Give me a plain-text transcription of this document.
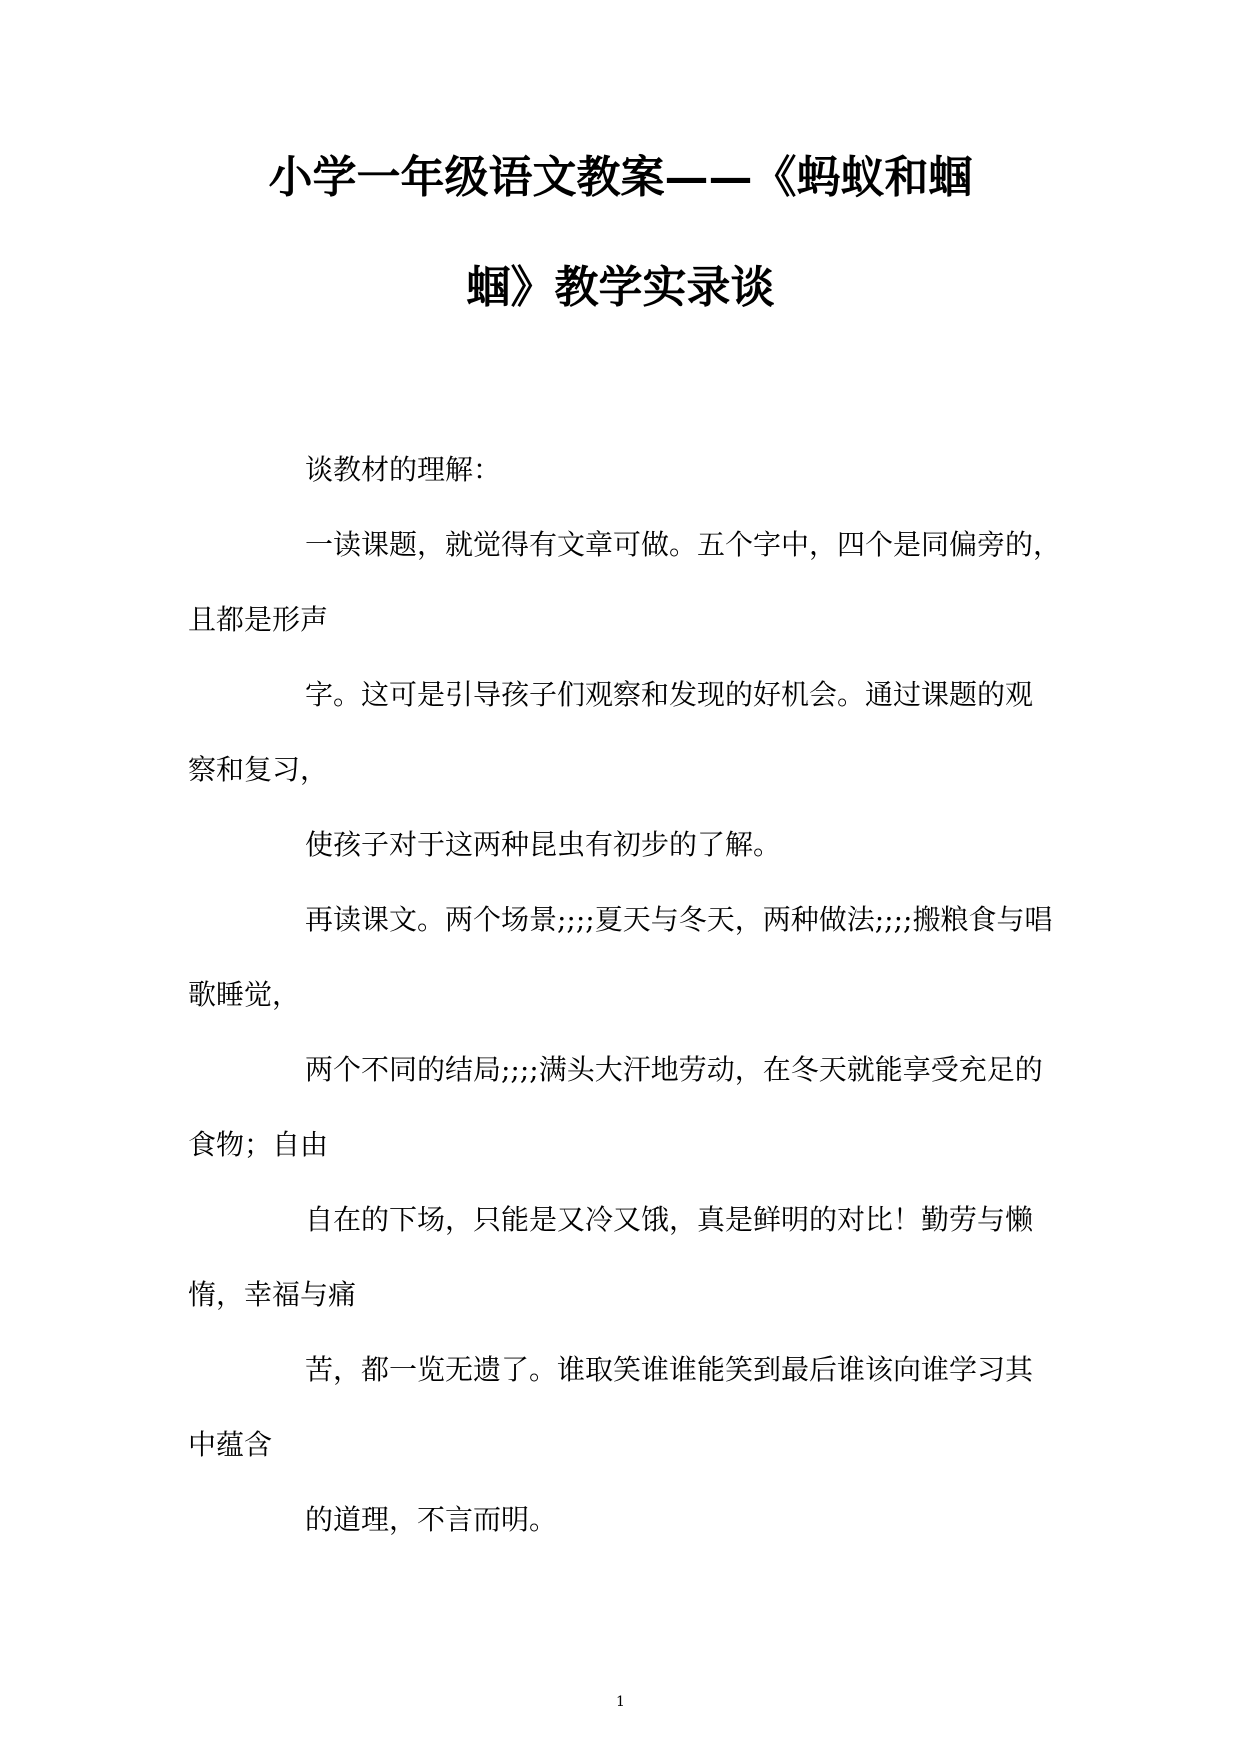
小学一年级语文教案——《蚂蚁和蝈
蝈》教学实录谈
谈教材的理解：
一读课题，就觉得有文章可做。五个字中，四个是同偏旁的，
且都是形声
字。这可是引导孩子们观察和发现的好机会。通过课题的观
察和复习，
使孩子对于这两种昆虫有初步的了解。
再读课文。两个场景;;;;夏天与冬天，两种做法;;;;搬粮食与唱
歌睡觉，
两个不同的结局;;;;满头大汗地劳动，在冬天就能享受充足的
食物；自由
自在的下场，只能是又冷又饿，真是鲜明的对比！勤劳与懒
惰，幸福与痛
苦，都一览无遗了。谁取笑谁谁能笑到最后谁该向谁学习其
中蕴含
的道理，不言而明。
1
